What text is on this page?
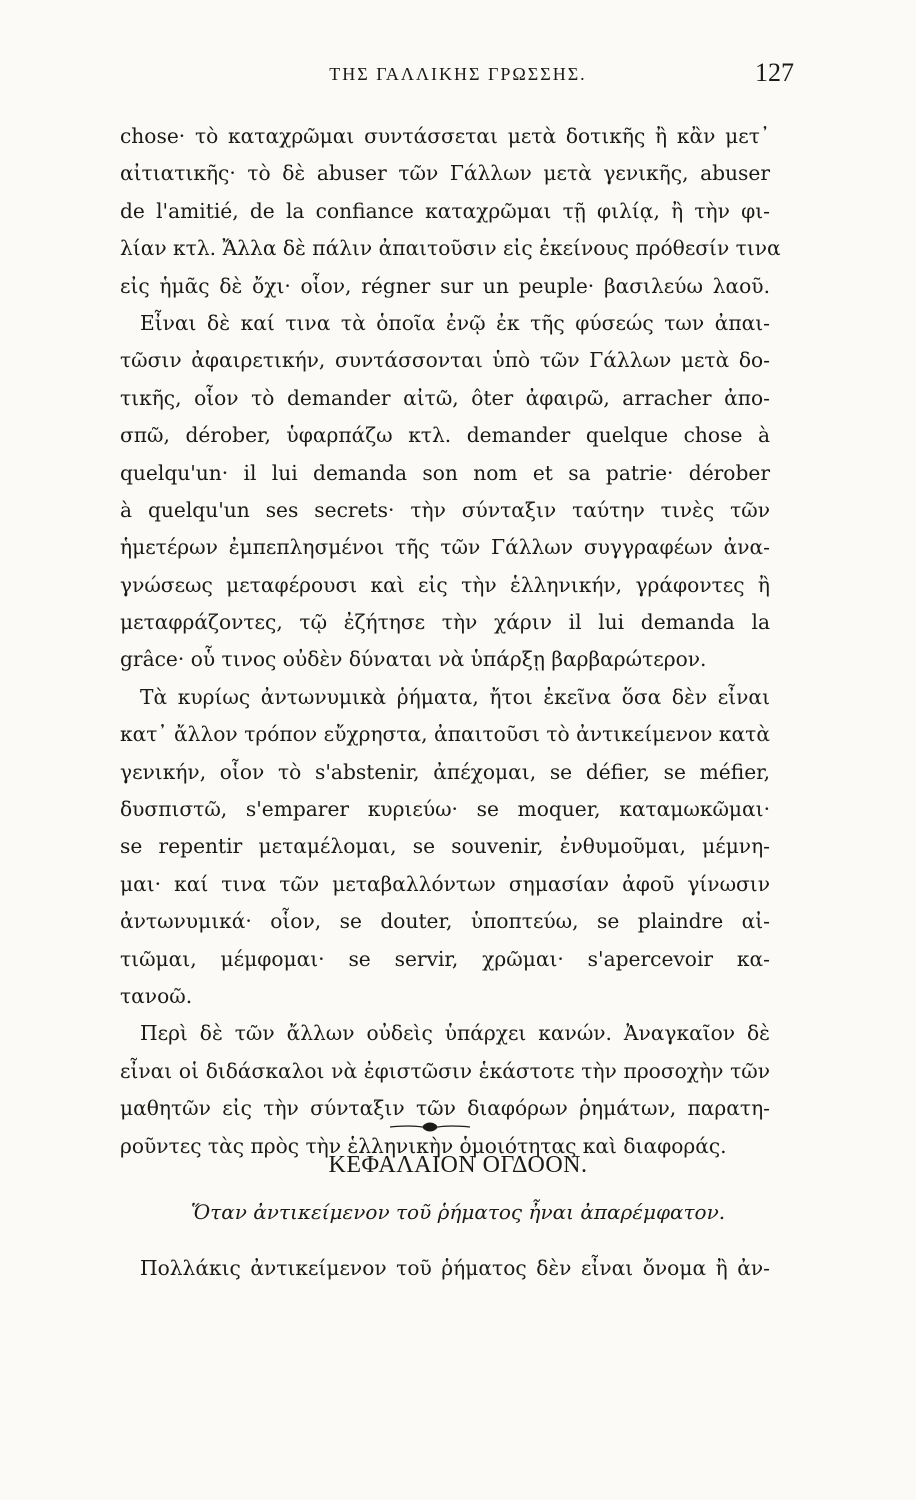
ΤΗΣ ΓΑΛΛΙΚΗΣ ΓΡΩΣΣΗΣ.	127
chose· τὸ καταχρῶμαι συντάσσεται μετὰ δοτικῆς ἢ κἂν μετ᾽
αἰτιατικῆς· τὸ δὲ abuser τῶν Γάλλων μετὰ γενικῆς, abuser
de l'amitié, de la confiance καταχρῶμαι τῇ φιλίᾳ, ἢ τὴν φι-
λίαν κτλ. Ἄλλα δὲ πάλιν ἀπαιτοῦσιν εἰς ἐκείνους πρόθεσίν τινα
εἰς ἡμᾶς δὲ ὄχι· οἷον, régner sur un peuple· βασιλεύω λαοῦ.
Εἶναι δὲ καί τινα τὰ ὁποῖα ἐνῷ ἐκ τῆς φύσεώς των ἀπαι-
τῶσιν ἀφαιρετικήν, συντάσσονται ὑπὸ τῶν Γάλλων μετὰ δο-
τικῆς, οἷον τὸ demander αἰτῶ, ôter ἀφαιρῶ, arracher ἀπο-
σπῶ, dérober, ὑφαρπάζω κτλ. demander quelque chose à
quelqu'un· il lui demanda son nom et sa patrie· dérober
à quelqu'un ses secrets· τὴν σύνταξιν ταύτην τινὲς τῶν
ἡμετέρων ἐμπεπλησμένοι τῆς τῶν Γάλλων συγγραφέων ἀνα-
γνώσεως μεταφέρουσι καὶ εἰς τὴν ἑλληνικήν, γράφοντες ἢ
μεταφράζοντες, τῷ ἐζήτησε τὴν χάριν il lui demanda la
grâce· οὗ τινος οὐδὲν δύναται νὰ ὑπάρξῃ βαρβαρώτερον.
Τὰ κυρίως ἀντωνυμικὰ ῥήματα, ἤτοι ἐκεῖνα ὅσα δὲν εἶναι
κατ᾽ ἄλλον τρόπον εὔχρηστα, ἀπαιτοῦσι τὸ ἀντικείμενον κατὰ
γενικήν, οἷον τὸ s'abstenir, ἀπέχομαι, se défier, se méfier,
δυσπιστῶ, s'emparer κυριεύω· se moquer, καταμωκῶμαι·
se repentir μεταμέλομαι, se souvenir, ἐνθυμοῦμαι, μέμνη-
μαι· καί τινα τῶν μεταβαλλόντων σημασίαν ἀφοῦ γίνωσιν
ἀντωνυμικά· οἷον, se douter, ὑποπτεύω, se plaindre αἰ-
τιῶμαι, μέμφομαι· se servir, χρῶμαι· s'apercevoir κα-
τανοῶ.
Περὶ δὲ τῶν ἄλλων οὐδεὶς ὑπάρχει κανών. Ἀναγκαῖον δὲ
εἶναι οἱ διδάσκαλοι νὰ ἐφιστῶσιν ἑκάστοτε τὴν προσοχὴν τῶν
μαθητῶν εἰς τὴν σύνταξιν τῶν διαφόρων ῥημάτων, παρατη-
ροῦντες τὰς πρὸς τὴν ἑλληνικὴν ὁμοιότητας καὶ διαφοράς.
ΚΕΦΑΛΑΙΟΝ ΟΓΔΟΟΝ.
Ὅταν ἀντικείμενον τοῦ ῥήματος ἦναι ἀπαρέμφατον.
Πολλάκις ἀντικείμενον τοῦ ῥήματος δὲν εἶναι ὄνομα ἢ ἀν-
